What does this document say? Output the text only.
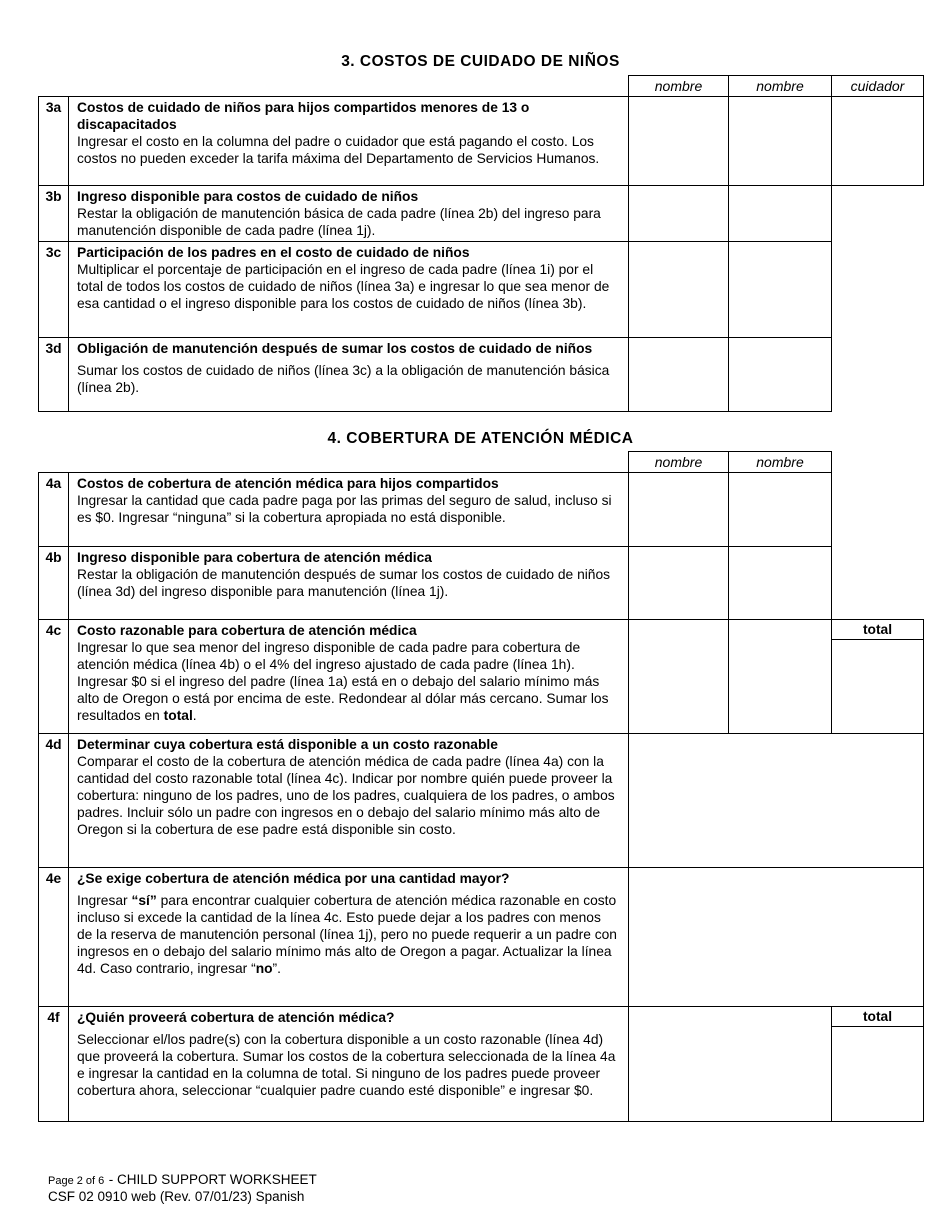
3. COSTOS DE CUIDADO DE NIÑOS
		nombre	nombre	cuidador
3a	Costos de cuidado de niños para hijos compartidos menores de 13 o discapacitados
Ingresar el costo en la columna del padre o cuidador que está pagando el costo. Los costos no pueden exceder la tarifa máxima del Departamento de Servicios Humanos.			

3b	Ingreso disponible para costos de cuidado de niños
Restar la obligación de manutención básica de cada padre (línea 2b) del ingreso para manutención disponible de cada padre (línea 1j).			

3c	Participación de los padres en el costo de cuidado de niños
Multiplicar el porcentaje de participación en el ingreso de cada padre (línea 1i) por el total de todos los costos de cuidado de niños (línea 3a) e ingresar lo que sea menor de esa cantidad o el ingreso disponible para los costos de cuidado de niños (línea 3b).			

3d	Obligación de manutención después de sumar los costos de cuidado de niños
Sumar los costos de cuidado de niños (línea 3c) a la obligación de manutención básica (línea 2b).			

4. COBERTURA DE ATENCIÓN MÉDICA
		nombre	nombre	
4a	Costos de cobertura de atención médica para hijos compartidos
Ingresar la cantidad que cada padre paga por las primas del seguro de salud, incluso si es $0. Ingresar “ninguna” si la cobertura apropiada no está disponible.			

4b	Ingreso disponible para cobertura de atención médica
Restar la obligación de manutención después de sumar los costos de cuidado de niños (línea 3d) del ingreso disponible para manutención (línea 1j).			

4c	Costo razonable para cobertura de atención médica
Ingresar lo que sea menor del ingreso disponible de cada padre para cobertura de atención médica (línea 4b) o el 4% del ingreso ajustado de cada padre (línea 1h). Ingresar $0 si el ingreso del padre (línea 1a) está en o debajo del salario mínimo más alto de Oregon o está por encima de este. Redondear al dólar más cercano. Sumar los resultados en total.			total

4d	Determinar cuya cobertura está disponible a un costo razonable
Comparar el costo de la cobertura de atención médica de cada padre (línea 4a) con la cantidad del costo razonable total (línea 4c). Indicar por nombre quién puede proveer la cobertura: ninguno de los padres, uno de los padres, cualquiera de los padres, o ambos padres. Incluir sólo un padre con ingresos en o debajo del salario mínimo más alto de Oregon si la cobertura de ese padre está disponible sin costo.			

4e	¿Se exige cobertura de atención médica por una cantidad mayor?
Ingresar “sí” para encontrar cualquier cobertura de atención médica razonable en costo incluso si excede la cantidad de la línea 4c. Esto puede dejar a los padres con menos de la reserva de manutención personal (línea 1j), pero no puede requerir a un padre con ingresos en o debajo del salario mínimo más alto de Oregon a pagar. Actualizar la línea 4d. Caso contrario, ingresar “no”.			

4f	¿Quién proveerá cobertura de atención médica?
Seleccionar el/los padre(s) con la cobertura disponible a un costo razonable (línea 4d) que proveerá la cobertura. Sumar los costos de la cobertura seleccionada de la línea 4a e ingresar la cantidad en la columna de total. Si ninguno de los padres puede proveer cobertura ahora, seleccionar “cualquier padre cuando esté disponible” e ingresar $0.			total
Page 2 of 6 - CHILD SUPPORT WORKSHEET
CSF 02 0910 web (Rev. 07/01/23) Spanish
